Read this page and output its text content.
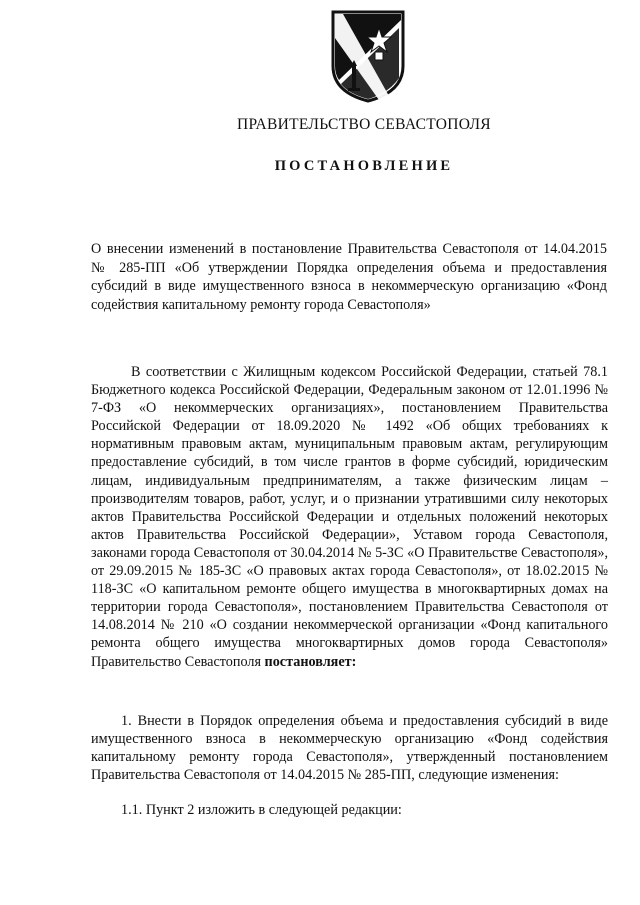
ПРАВИТЕЛЬСТВО СЕВАСТОПОЛЯ
ПОСТАНОВЛЕНИЕ
О внесении изменений в постановление Правительства Севастополя от 14.04.2015 № 285-ПП «Об утверждении Порядка определения объема и предоставления субсидий в виде имущественного взноса в некоммерческую организацию «Фонд содействия капитальному ремонту города Севастополя»
В соответствии с Жилищным кодексом Российской Федерации, статьей 78.1 Бюджетного кодекса Российской Федерации, Федеральным законом от 12.01.1996 № 7-ФЗ «О некоммерческих организациях», постановлением Правительства Российской Федерации от 18.09.2020 № 1492 «Об общих требованиях к нормативным правовым актам, муниципальным правовым актам, регулирующим предоставление субсидий, в том числе грантов в форме субсидий, юридическим лицам, индивидуальным предпринимателям, а также физическим лицам – производителям товаров, работ, услуг, и о признании утратившими силу некоторых актов Правительства Российской Федерации и отдельных положений некоторых актов Правительства Российской Федерации», Уставом города Севастополя, законами города Севастополя от 30.04.2014 № 5-ЗС «О Правительстве Севастополя», от 29.09.2015 № 185-ЗС «О правовых актах города Севастополя», от 18.02.2015 № 118-ЗС «О капитальном ремонте общего имущества в многоквартирных домах на территории города Севастополя», постановлением Правительства Севастополя от 14.08.2014 № 210 «О создании некоммерческой организации «Фонд капитального ремонта общего имущества многоквартирных домов города Севастополя» Правительство Севастополя постановляет:
1. Внести в Порядок определения объема и предоставления субсидий в виде имущественного взноса в некоммерческую организацию «Фонд содействия капитальному ремонту города Севастополя», утвержденный постановлением Правительства Севастополя от 14.04.2015 № 285-ПП, следующие изменения:
1.1. Пункт 2 изложить в следующей редакции:
